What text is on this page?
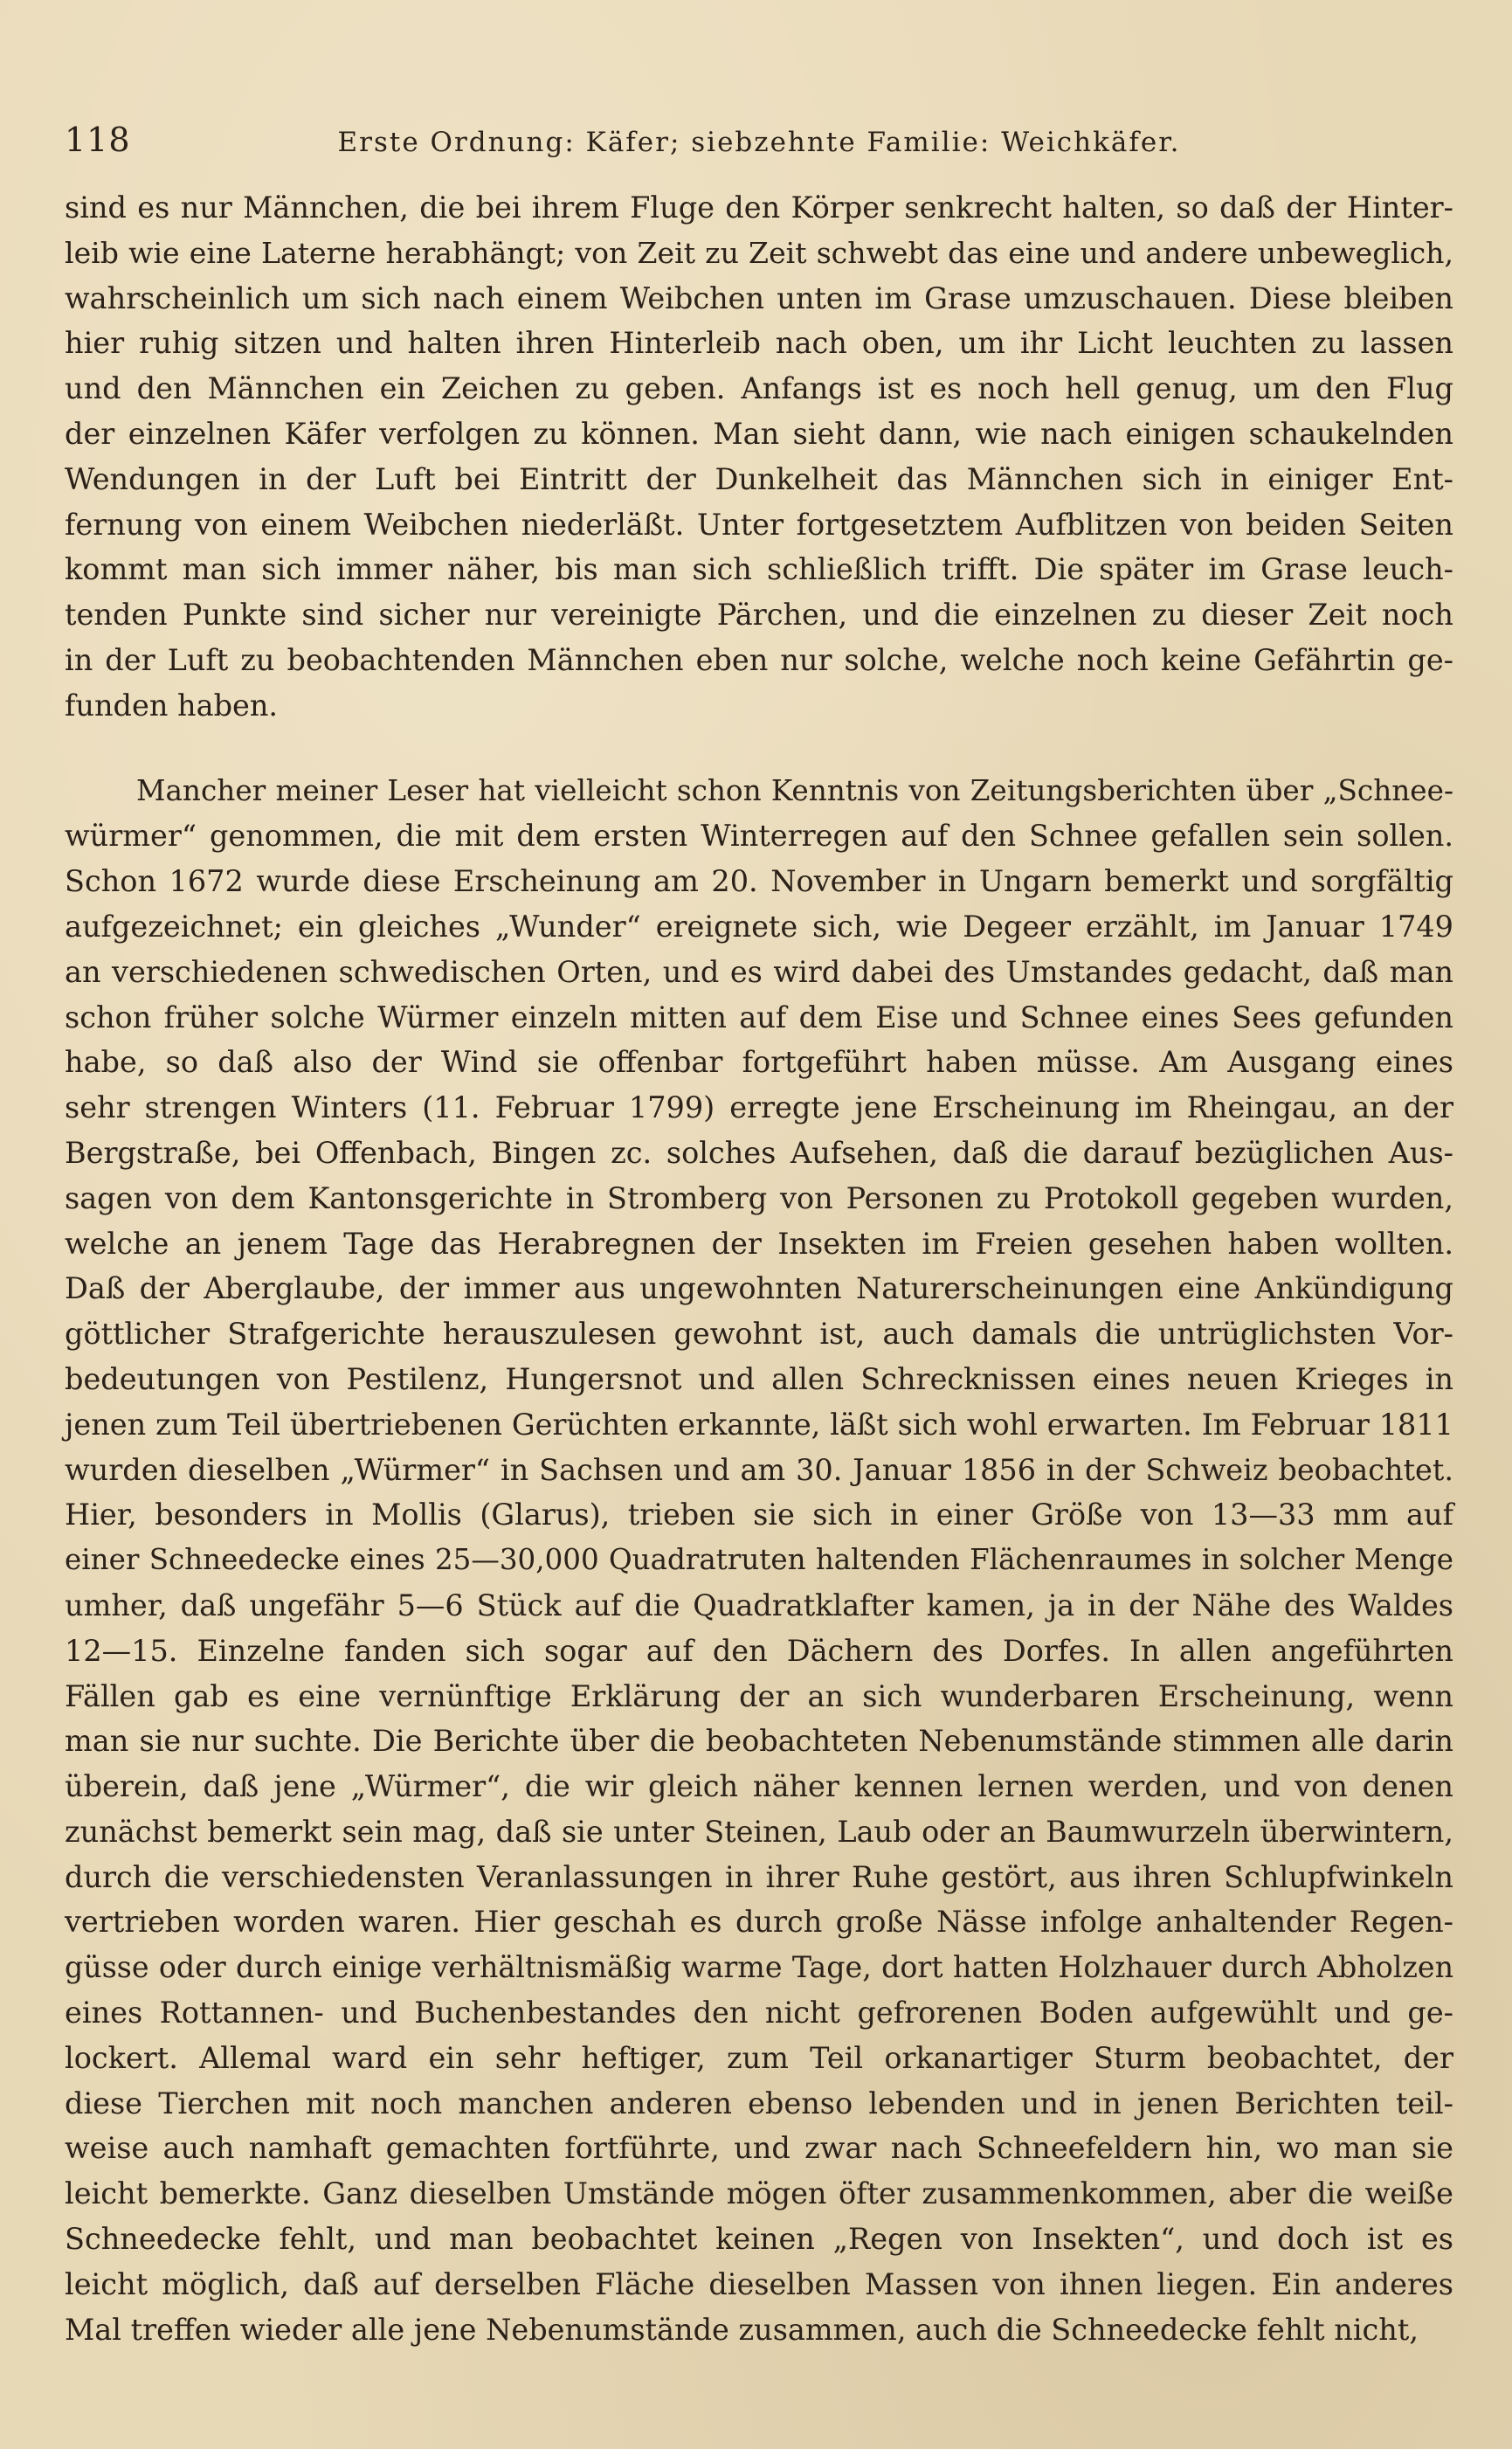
118	Erste Ordnung: Käfer; siebzehnte Familie: Weichkäfer.
sind es nur Männchen, die bei ihrem Fluge den Körper senkrecht halten, so daß der Hinter-
leib wie eine Laterne herabhängt; von Zeit zu Zeit schwebt das eine und andere unbeweglich,
wahrscheinlich um sich nach einem Weibchen unten im Grase umzuschauen. Diese bleiben
hier ruhig sitzen und halten ihren Hinterleib nach oben, um ihr Licht leuchten zu lassen
und den Männchen ein Zeichen zu geben. Anfangs ist es noch hell genug, um den Flug
der einzelnen Käfer verfolgen zu können. Man sieht dann, wie nach einigen schaukelnden
Wendungen in der Luft bei Eintritt der Dunkelheit das Männchen sich in einiger Ent-
fernung von einem Weibchen niederläßt. Unter fortgesetztem Aufblitzen von beiden Seiten
kommt man sich immer näher, bis man sich schließlich trifft. Die später im Grase leuch-
tenden Punkte sind sicher nur vereinigte Pärchen, und die einzelnen zu dieser Zeit noch
in der Luft zu beobachtenden Männchen eben nur solche, welche noch keine Gefährtin ge-
funden haben.
Mancher meiner Leser hat vielleicht schon Kenntnis von Zeitungsberichten über „Schnee-
würmer“ genommen, die mit dem ersten Winterregen auf den Schnee gefallen sein sollen.
Schon 1672 wurde diese Erscheinung am 20. November in Ungarn bemerkt und sorgfältig
aufgezeichnet; ein gleiches „Wunder“ ereignete sich, wie Degeer erzählt, im Januar 1749
an verschiedenen schwedischen Orten, und es wird dabei des Umstandes gedacht, daß man
schon früher solche Würmer einzeln mitten auf dem Eise und Schnee eines Sees gefunden
habe, so daß also der Wind sie offenbar fortgeführt haben müsse. Am Ausgang eines
sehr strengen Winters (11. Februar 1799) erregte jene Erscheinung im Rheingau, an der
Bergstraße, bei Offenbach, Bingen zc. solches Aufsehen, daß die darauf bezüglichen Aus-
sagen von dem Kantonsgerichte in Stromberg von Personen zu Protokoll gegeben wurden,
welche an jenem Tage das Herabregnen der Insekten im Freien gesehen haben wollten.
Daß der Aberglaube, der immer aus ungewohnten Naturerscheinungen eine Ankündigung
göttlicher Strafgerichte herauszulesen gewohnt ist, auch damals die untrüglichsten Vor-
bedeutungen von Pestilenz, Hungersnot und allen Schrecknissen eines neuen Krieges in
jenen zum Teil übertriebenen Gerüchten erkannte, läßt sich wohl erwarten. Im Februar 1811
wurden dieselben „Würmer“ in Sachsen und am 30. Januar 1856 in der Schweiz beobachtet.
Hier, besonders in Mollis (Glarus), trieben sie sich in einer Größe von 13—33 mm auf
einer Schneedecke eines 25—30,000 Quadratruten haltenden Flächenraumes in solcher Menge
umher, daß ungefähr 5—6 Stück auf die Quadratklafter kamen, ja in der Nähe des Waldes
12—15. Einzelne fanden sich sogar auf den Dächern des Dorfes. In allen angeführten
Fällen gab es eine vernünftige Erklärung der an sich wunderbaren Erscheinung, wenn
man sie nur suchte. Die Berichte über die beobachteten Nebenumstände stimmen alle darin
überein, daß jene „Würmer“, die wir gleich näher kennen lernen werden, und von denen
zunächst bemerkt sein mag, daß sie unter Steinen, Laub oder an Baumwurzeln überwintern,
durch die verschiedensten Veranlassungen in ihrer Ruhe gestört, aus ihren Schlupfwinkeln
vertrieben worden waren. Hier geschah es durch große Nässe infolge anhaltender Regen-
güsse oder durch einige verhältnismäßig warme Tage, dort hatten Holzhauer durch Abholzen
eines Rottannen- und Buchenbestandes den nicht gefrorenen Boden aufgewühlt und ge-
lockert. Allemal ward ein sehr heftiger, zum Teil orkanartiger Sturm beobachtet, der
diese Tierchen mit noch manchen anderen ebenso lebenden und in jenen Berichten teil-
weise auch namhaft gemachten fortführte, und zwar nach Schneefeldern hin, wo man sie
leicht bemerkte. Ganz dieselben Umstände mögen öfter zusammenkommen, aber die weiße
Schneedecke fehlt, und man beobachtet keinen „Regen von Insekten“, und doch ist es
leicht möglich, daß auf derselben Fläche dieselben Massen von ihnen liegen. Ein anderes
Mal treffen wieder alle jene Nebenumstände zusammen, auch die Schneedecke fehlt nicht,
